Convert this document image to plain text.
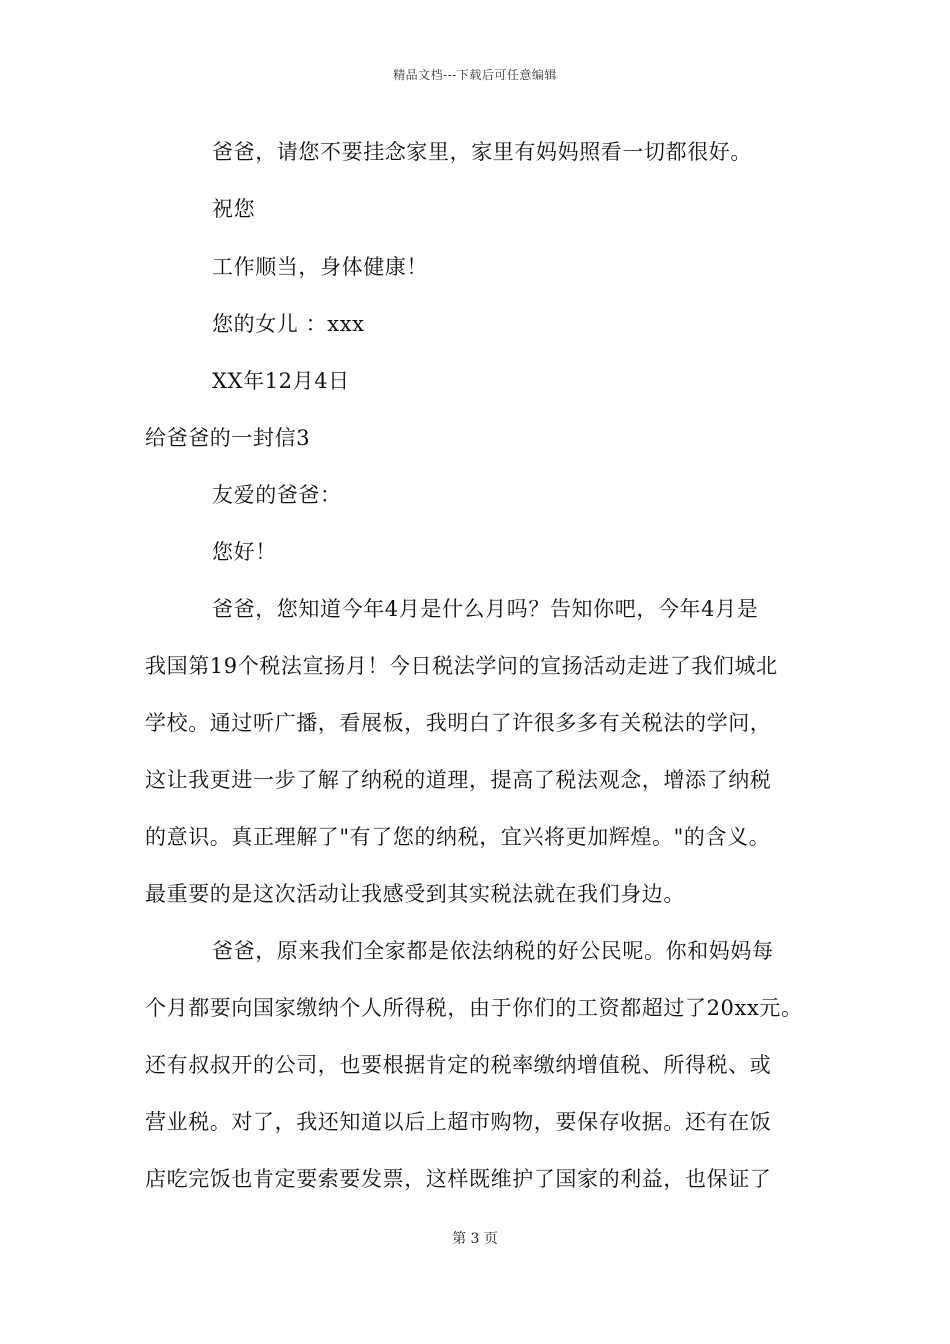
精品文档---下载后可任意编辑
爸爸，请您不要挂念家里，家里有妈妈照看一切都很好。
祝您
工作顺当，身体健康！
您的女儿 ：xxx
XX年12月4日
给爸爸的一封信3
友爱的爸爸：
您好！
爸爸，您知道今年4月是什么月吗？告知你吧，今年4月是
我国第19个税法宣扬月！今日税法学问的宣扬活动走进了我们城北
学校。通过听广播，看展板，我明白了许很多多有关税法的学问，
这让我更进一步了解了纳税的道理，提高了税法观念，增添了纳税
的意识。真正理解了"有了您的纳税，宜兴将更加辉煌。"的含义。
最重要的是这次活动让我感受到其实税法就在我们身边。
爸爸，原来我们全家都是依法纳税的好公民呢。你和妈妈每
个月都要向国家缴纳个人所得税，由于你们的工资都超过了20xx元。
还有叔叔开的公司，也要根据肯定的税率缴纳增值税、所得税、或
营业税。对了，我还知道以后上超市购物，要保存收据。还有在饭
店吃完饭也肯定要索要发票，这样既维护了国家的利益，也保证了
第 3 页
